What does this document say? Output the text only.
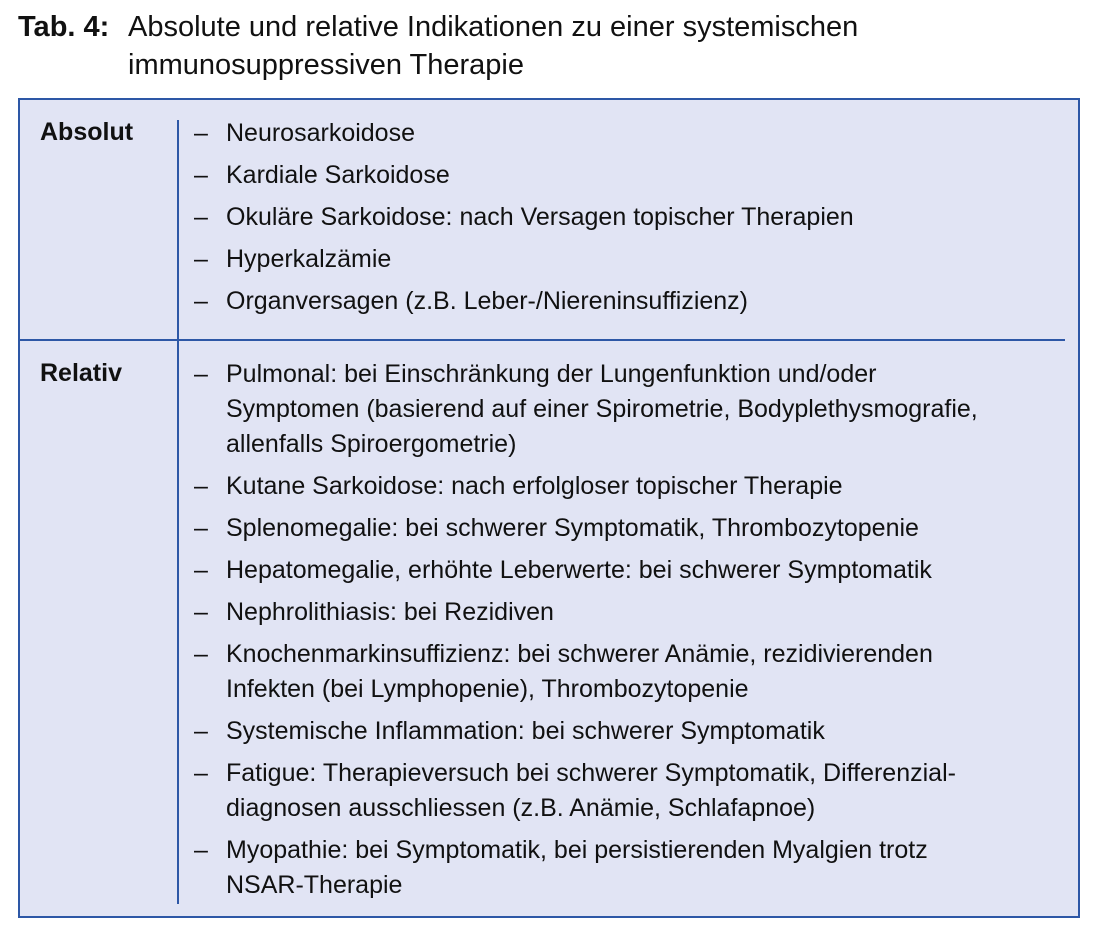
Tab. 4: Absolute und relative Indikationen zu einer systemischen
immunosuppressiven Therapie
Absolut – Neurosarkoidose
– Kardiale Sarkoidose
– Okuläre Sarkoidose: nach Versagen topischer Therapien
– Hyperkalzämie
– Organversagen (z.B. Leber-/Niereninsuffizienz)
Relativ	– Pulmonal: bei Einschränkung der Lungenfunktion und/oder
Symptomen (basierend auf einer Spirometrie, Bodyplethysmografie,
allenfalls Spiroergometrie)
– Kutane Sarkoidose: nach erfolgloser topischer Therapie
– Splenomegalie: bei schwerer Symptomatik, Thrombozytopenie
– Hepatomegalie, erhöhte Leberwerte: bei schwerer Symptomatik
– Nephrolithiasis: bei Rezidiven
– Knochenmarkinsuffizienz: bei schwerer Anämie, rezidivierenden
Infekten (bei Lymphopenie), Thrombozytopenie
– Systemische Inflammation: bei schwerer Symptomatik
– Fatigue: Therapieversuch bei schwerer Symptomatik, Differenzial-
diagnosen ausschliessen (z.B. Anämie, Schlafapnoe)
– Myopathie: bei Symptomatik, bei persistierenden Myalgien trotz
NSAR-Therapie
